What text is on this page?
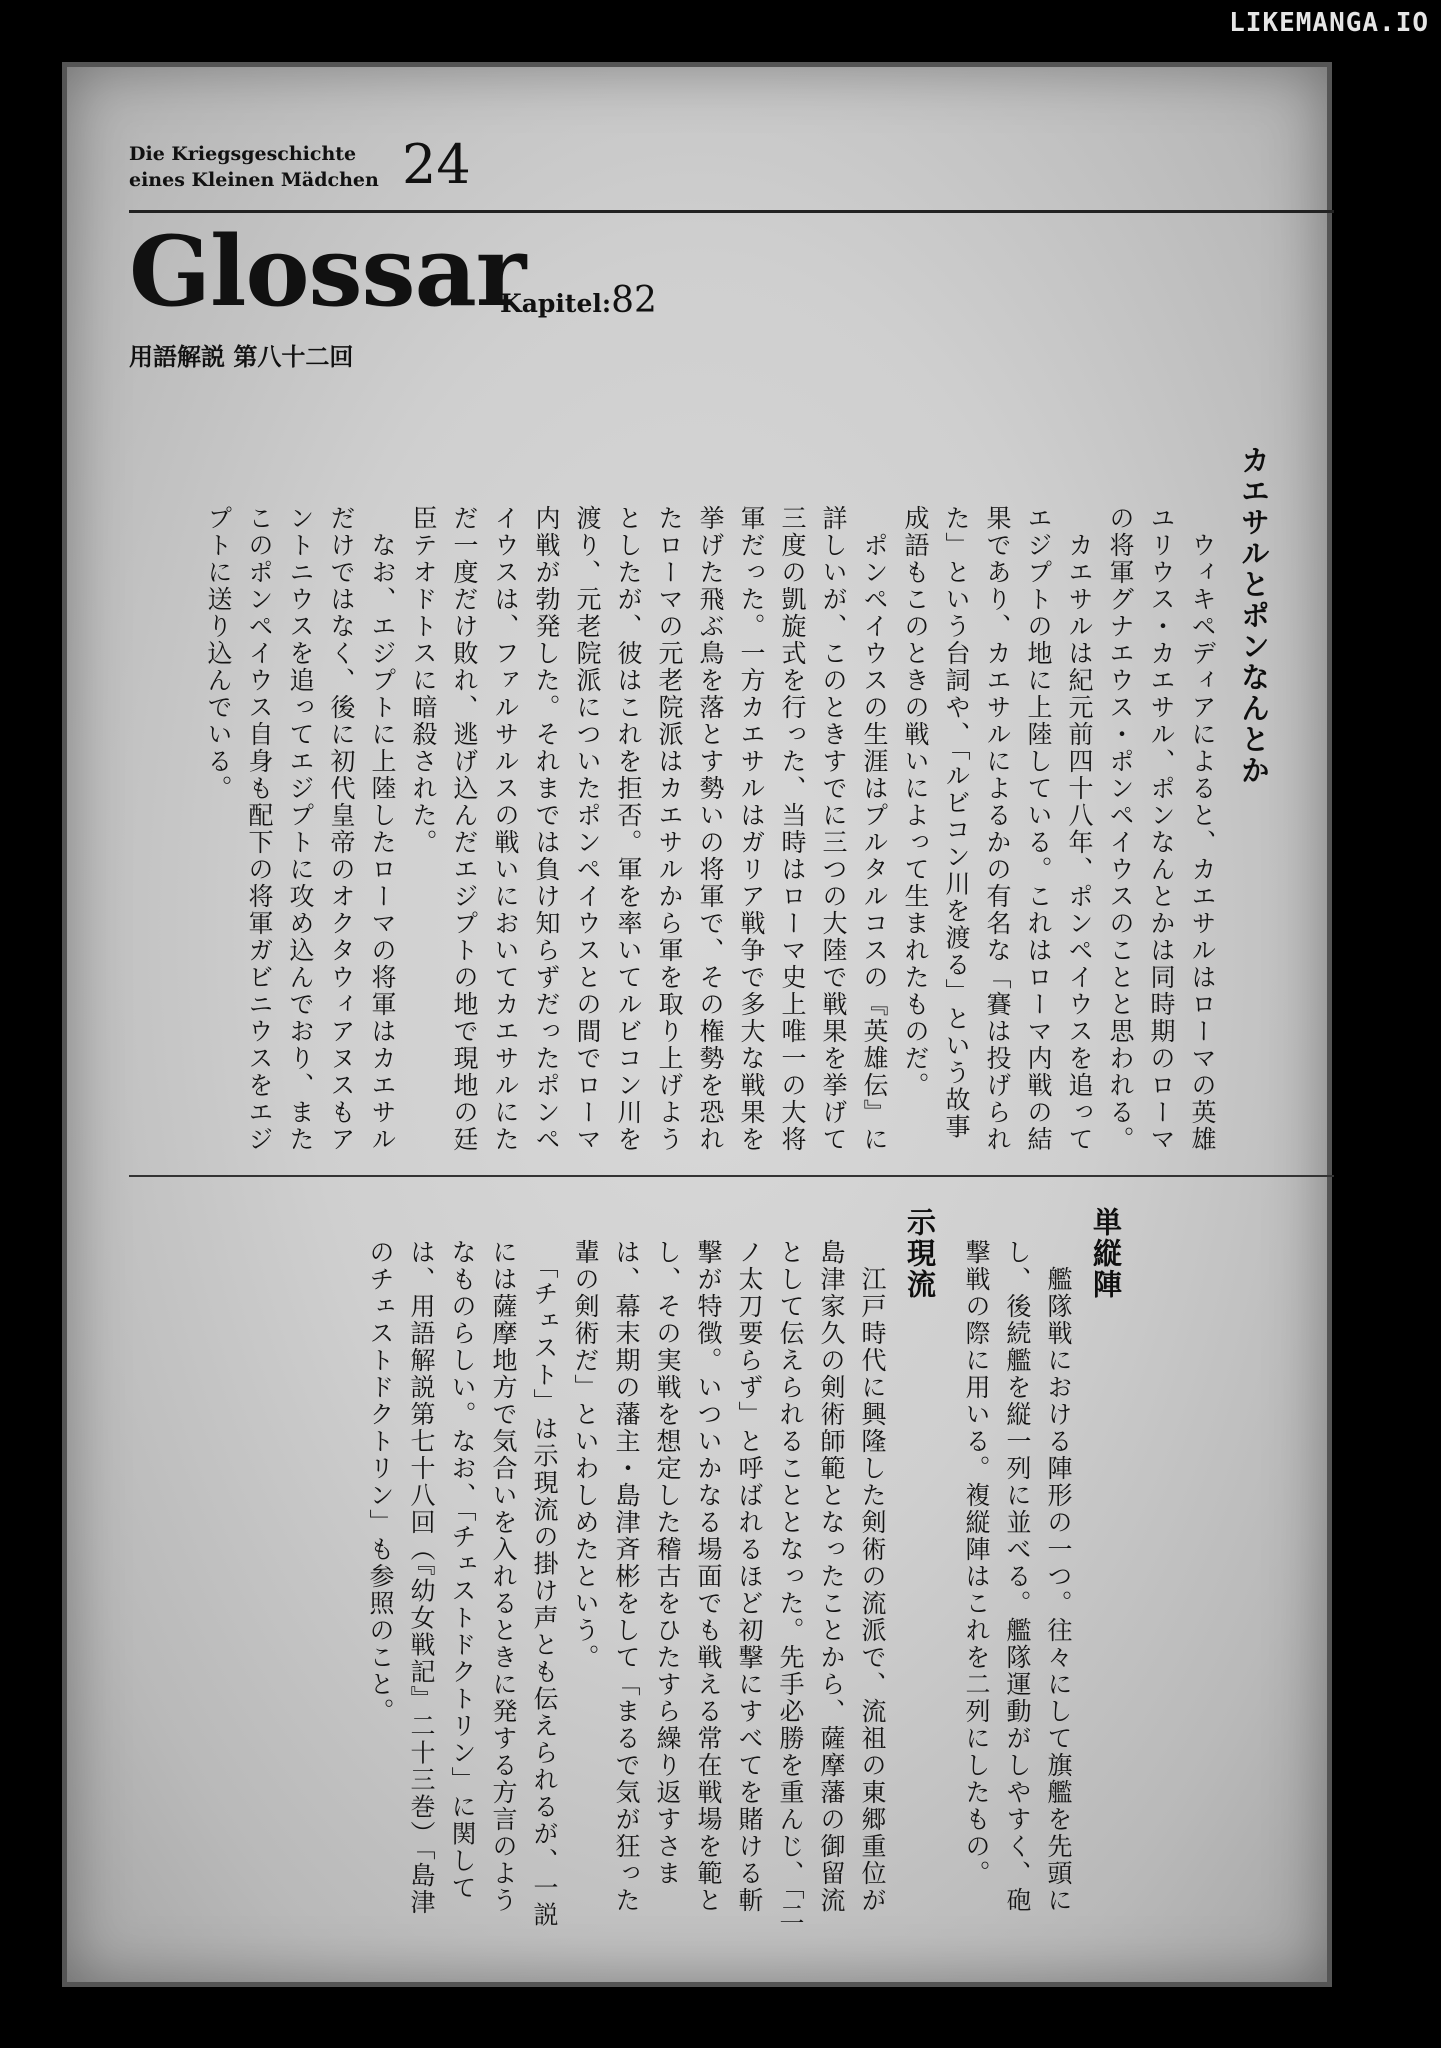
LIKEMANGA.IO
Die Kriegsgeschichte
eines Kleinen Mädchen 24
Glossar
Kapitel:82
用語解説 第八十二回
カエサルとポンなんとか
　ウィキペディアによると、カエサルはローマの英雄ユリウス・カエサル、ポンなんとかは同時期のローマの将軍グナエウス・ポンペイウスのことと思われる。
　カエサルは紀元前四十八年、ポンペイウスを追ってエジプトの地に上陸している。これはローマ内戦の結果であり、カエサルによるかの有名な「賽は投げられた」という台詞や、「ルビコン川を渡る」という故事成語もこのときの戦いによって生まれたものだ。
　ポンペイウスの生涯はプルタルコスの『英雄伝』に詳しいが、このときすでに三つの大陸で戦果を挙げて三度の凱旋式を行った、当時はローマ史上唯一の大将軍だった。一方カエサルはガリア戦争で多大な戦果を挙げた飛ぶ鳥を落とす勢いの将軍で、その権勢を恐れたローマの元老院派はカエサルから軍を取り上げようとしたが、彼はこれを拒否。軍を率いてルビコン川を渡り、元老院派についたポンペイウスとの間でローマ内戦が勃発した。それまでは負け知らずだったポンペイウスは、ファルサルスの戦いにおいてカエサルにただ一度だけ敗れ、逃げ込んだエジプトの地で現地の廷臣テオドトスに暗殺された。
　なお、エジプトに上陸したローマの将軍はカエサルだけではなく、後に初代皇帝のオクタウィアヌスもアントニウスを追ってエジプトに攻め込んでおり、またこのポンペイウス自身も配下の将軍ガビニウスをエジプトに送り込んでいる。
単縦陣
　艦隊戦における陣形の一つ。往々にして旗艦を先頭にし、後続艦を縦一列に並べる。艦隊運動がしやすく、砲撃戦の際に用いる。複縦陣はこれを二列にしたもの。
示現流
　江戸時代に興隆した剣術の流派で、流祖の東郷重位が島津家久の剣術師範となったことから、薩摩藩の御留流として伝えられることとなった。先手必勝を重んじ、「二ノ太刀要らず」と呼ばれるほど初撃にすべてを賭ける斬撃が特徴。いついかなる場面でも戦える常在戦場を範とし、その実戦を想定した稽古をひたすら繰り返すさまは、幕末期の藩主・島津斉彬をして「まるで気が狂った輩の剣術だ」といわしめたという。
　「チェスト」は示現流の掛け声とも伝えられるが、一説には薩摩地方で気合いを入れるときに発する方言のようなものらしい。なお、「チェストドクトリン」に関しては、用語解説第七十八回（『幼女戦記』二十三巻）「島津のチェストドクトリン」も参照のこと。
